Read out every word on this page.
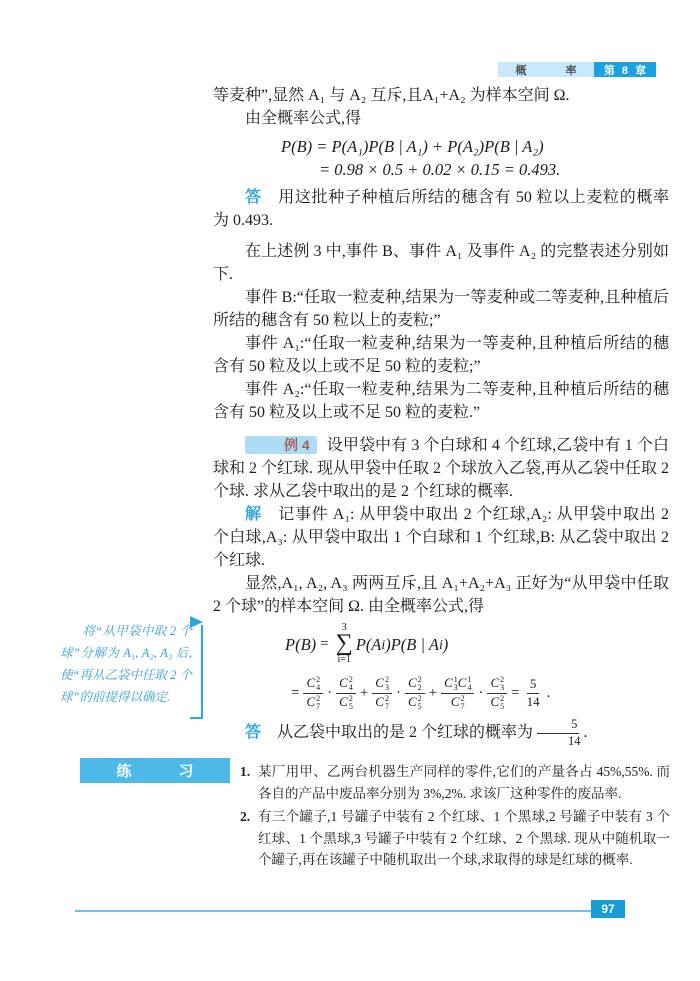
概　率	第 8 章

等麦种”,显然 A₁ 与 A₂ 互斥,且A₁+A₂ 为样本空间 Ω.

由全概率公式,得

P(B) = P(A₁)P(B | A₁) + P(A₂)P(B | A₂)
= 0.98 × 0.5 + 0.02 × 0.15 = 0.493.

答 用这批种子种植后所结的穗含有 50 粒以上麦粒的概率为 0.493.

在上述例 3 中,事件 B、事件 A₁ 及事件 A₂ 的完整表述分别如下.

事件 B:“任取一粒麦种,结果为一等麦种或二等麦种,且种植后所结的穗含有 50 粒以上的麦粒;”

事件 A₁:“任取一粒麦种,结果为一等麦种,且种植后所结的穗含有 50 粒及以上或不足 50 粒的麦粒;”

事件 A₂:“任取一粒麦种,结果为二等麦种,且种植后所结的穗含有 50 粒及以上或不足 50 粒的麦粒.”

例 4 设甲袋中有 3 个白球和 4 个红球,乙袋中有 1 个白球和 2 个红球. 现从甲袋中任取 2 个球放入乙袋,再从乙袋中任取 2 个球. 求从乙袋中取出的是 2 个红球的概率.

解 记事件 A₁: 从甲袋中取出 2 个红球,A₂: 从甲袋中取出 2 个白球,A₃: 从甲袋中取出 1 个白球和 1 个红球,B: 从乙袋中取出 2 个红球.

显然,A₁, A₂, A₃ 两两互斥,且 A₁+A₂+A₃ 正好为“从甲袋中任取 2 个球”的样本空间 Ω. 由全概率公式,得

P(B) =
3
∑
i=1
P(A i )P(B | A i )
= C 2
4
C 2
7 · C 2
4
C 2
5 + C 2
3
C 2
7 · C 2
2
C 2
5 + C 1
3 C 1
4
C 2
7 · C 2
3
C 2
$5 = \frac{5}{14}$ .

答 从乙袋中取出的是 2 个红球的概率为 $\frac{5}{14}$ .

将“从甲袋中取 2 个球”分解为 A₁, A₂, A₃ 后,使“再从乙袋中任取 2 个球”的前提得以确定.
练　习	1. 某厂用甲、乙两台机器生产同样的零件,它们的产量各占 45%,55%. 而各自的产品中废品率分别为 3%,2%. 求该厂这种零件的废品率.
2. 有三个罐子,1 号罐子中装有 2 个红球、1 个黑球,2 号罐子中装有 3 个红球、1 个黑球,3 号罐子中装有 2 个红球、2 个黑球. 现从中随机取一个罐子,再在该罐子中随机取出一个球,求取得的球是红球的概率.
97
